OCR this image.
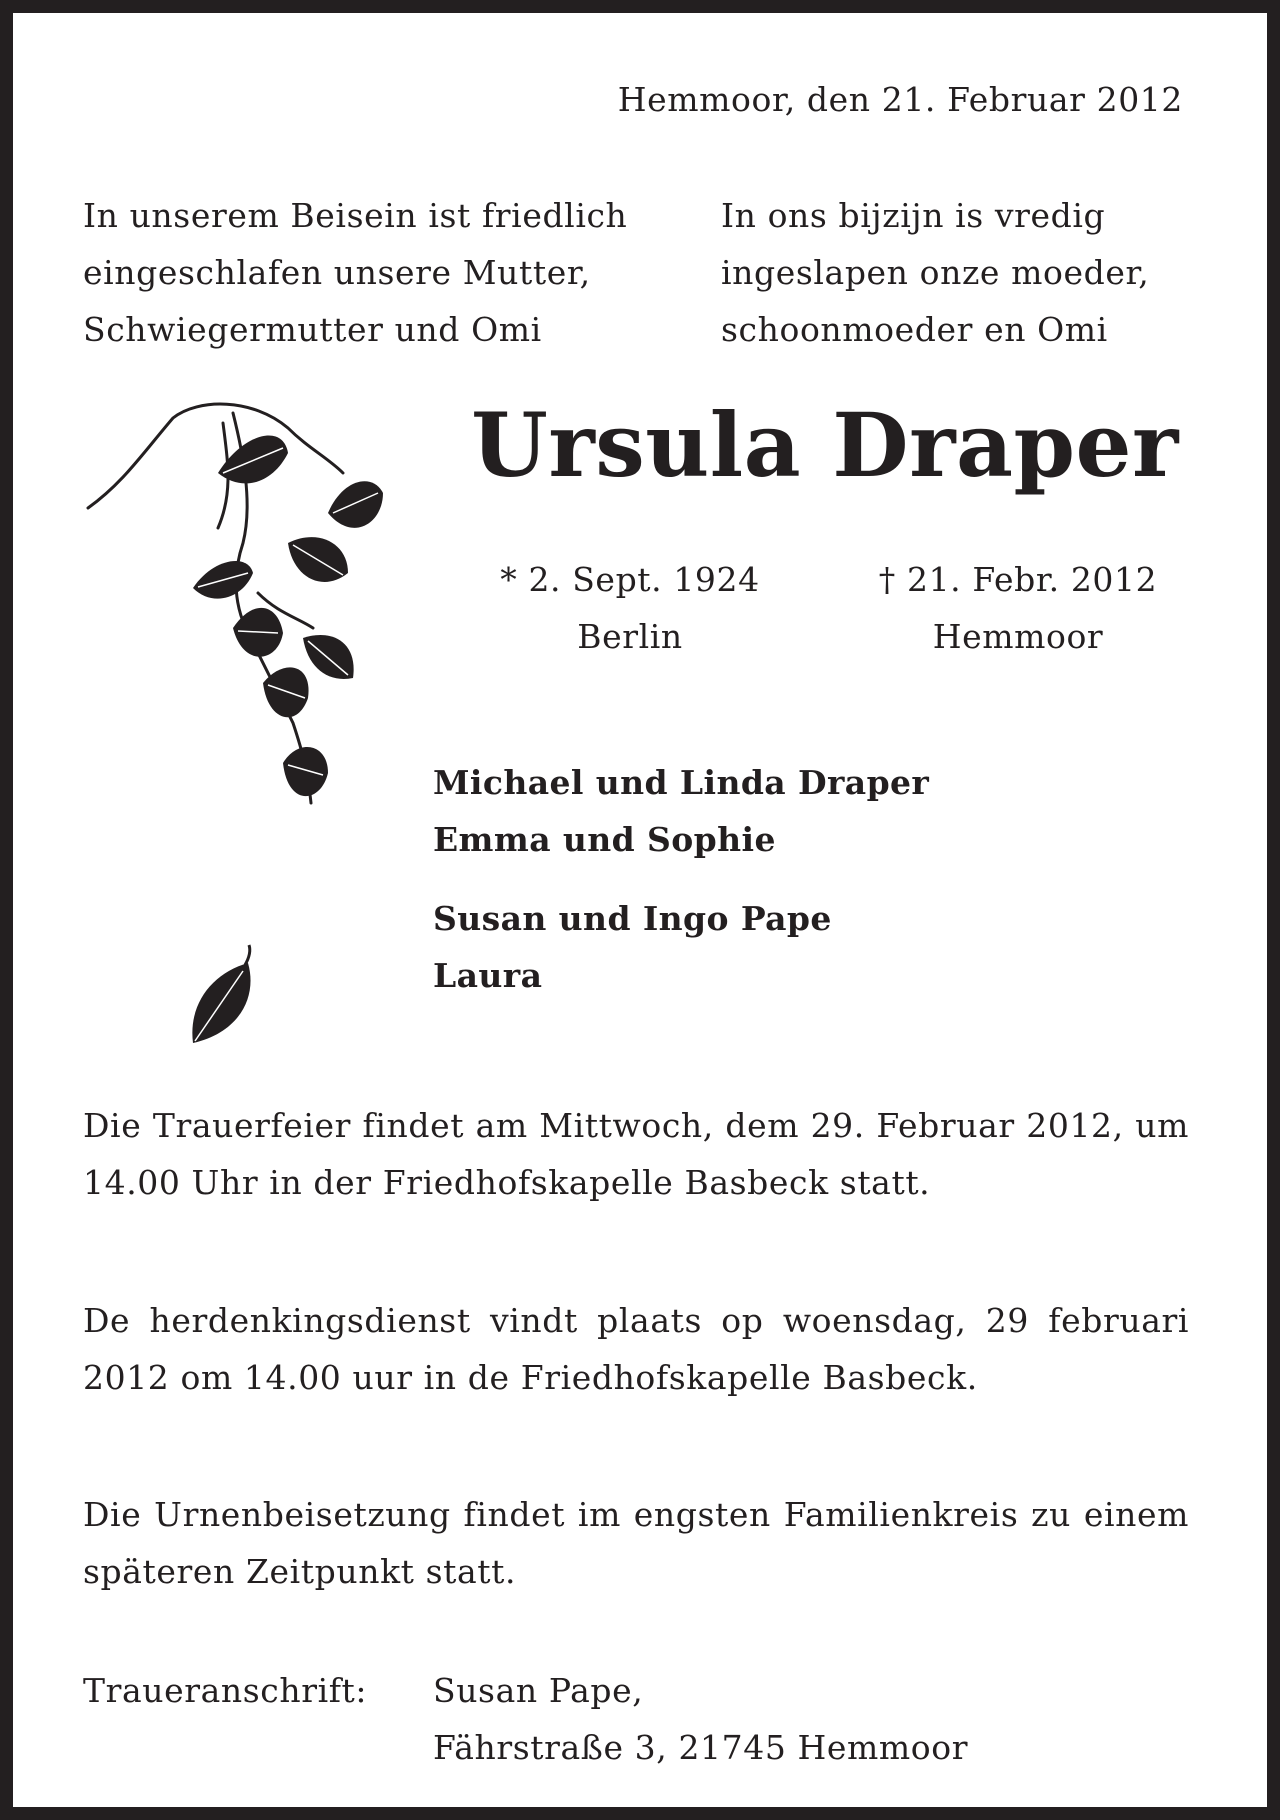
Hemmoor, den 21. Februar 2012
In unserem Beisein ist friedlich
eingeschlafen unsere Mutter,
Schwiegermutter und Omi
In ons bijzijn is vredig
ingeslapen onze moeder,
schoonmoeder en Omi
Ursula Draper
* 2. Sept. 1924
Berlin
† 21. Febr. 2012
Hemmoor
Michael und Linda Draper
Emma und Sophie
Susan und Ingo Pape
Laura
Die Trauerfeier findet am Mittwoch, dem 29. Februar 2012, um 14.00 Uhr in der Friedhofskapelle Basbeck statt.
De herdenkingsdienst vindt plaats op woensdag, 29 februari 2012 om 14.00 uur in de Friedhofskapelle Basbeck.
Die Urnenbeisetzung findet im engsten Familienkreis zu einem späteren Zeitpunkt statt.
Traueranschrift: Susan Pape,
Fährstraße 3, 21745 Hemmoor
